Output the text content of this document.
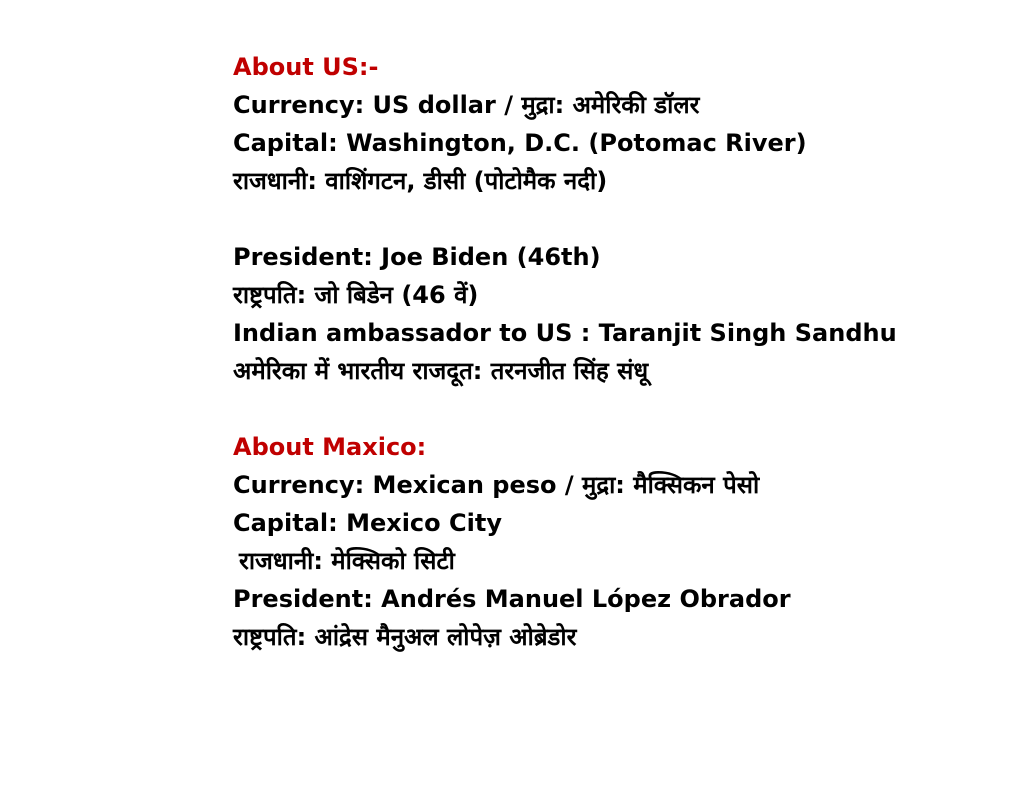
About US:-
Currency: US dollar / मुद्रा: अमेरिकी डॉलर
Capital: Washington, D.C. (Potomac River)
राजधानी: वाशिंगटन, डीसी (पोटोमैक नदी)
President: Joe Biden (46th)
राष्ट्रपति: जो बिडेन (46 वें)
Indian ambassador to US : Taranjit Singh Sandhu
अमेरिका में भारतीय राजदूत: तरनजीत सिंह संधू
About Maxico:
Currency: Mexican peso / मुद्रा: मैक्सिकन पेसो
Capital: Mexico City
राजधानी: मेक्सिको सिटी
President: Andrés Manuel López Obrador
राष्ट्रपति: आंद्रेस मैनुअल लोपेज़ ओब्रेडोर
